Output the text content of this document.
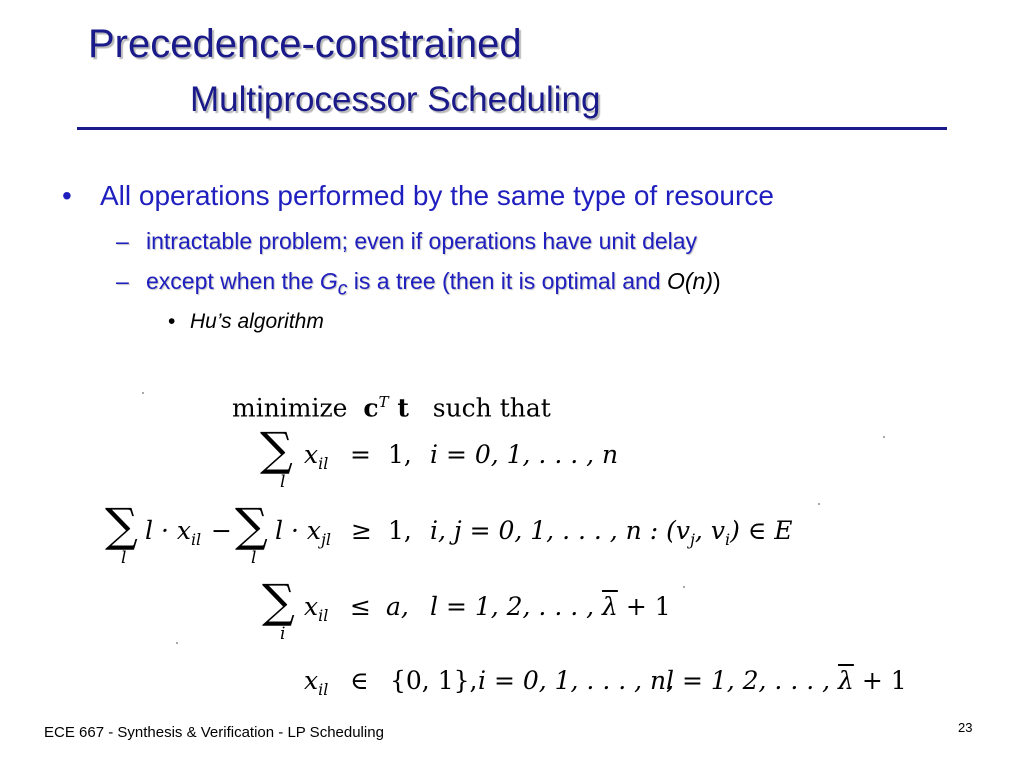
Precedence-constrained
Multiprocessor Scheduling
• All operations performed by the same type of resource
– intractable problem; even if operations have unit delay
– except when the $G_c$ is a tree (then it is optimal and O(n))
• Hu’s algorithm
minimize $c^T$ t such that
∑
l
$x_{il} = 1$, i = 0, 1, . . . , n
∑
l
$l \cdot x_{il}$ − ∑
l
$l \cdot x_{jl} \ge 1$, i, j = 0, 1, . . . , n : ($v_j$, $v_i$) ∈ E
∑
i
$x_{il} \le a$, l = 1, 2, . . . , $\overline{\lambda} + 1$
$x_{il}$ ∈ {0, 1}, i = 0, 1, . . . , n,
l = 1, 2, . . . , $\overline{\lambda} + 1$
ECE 667 - Synthesis & Verification - LP Scheduling	23
